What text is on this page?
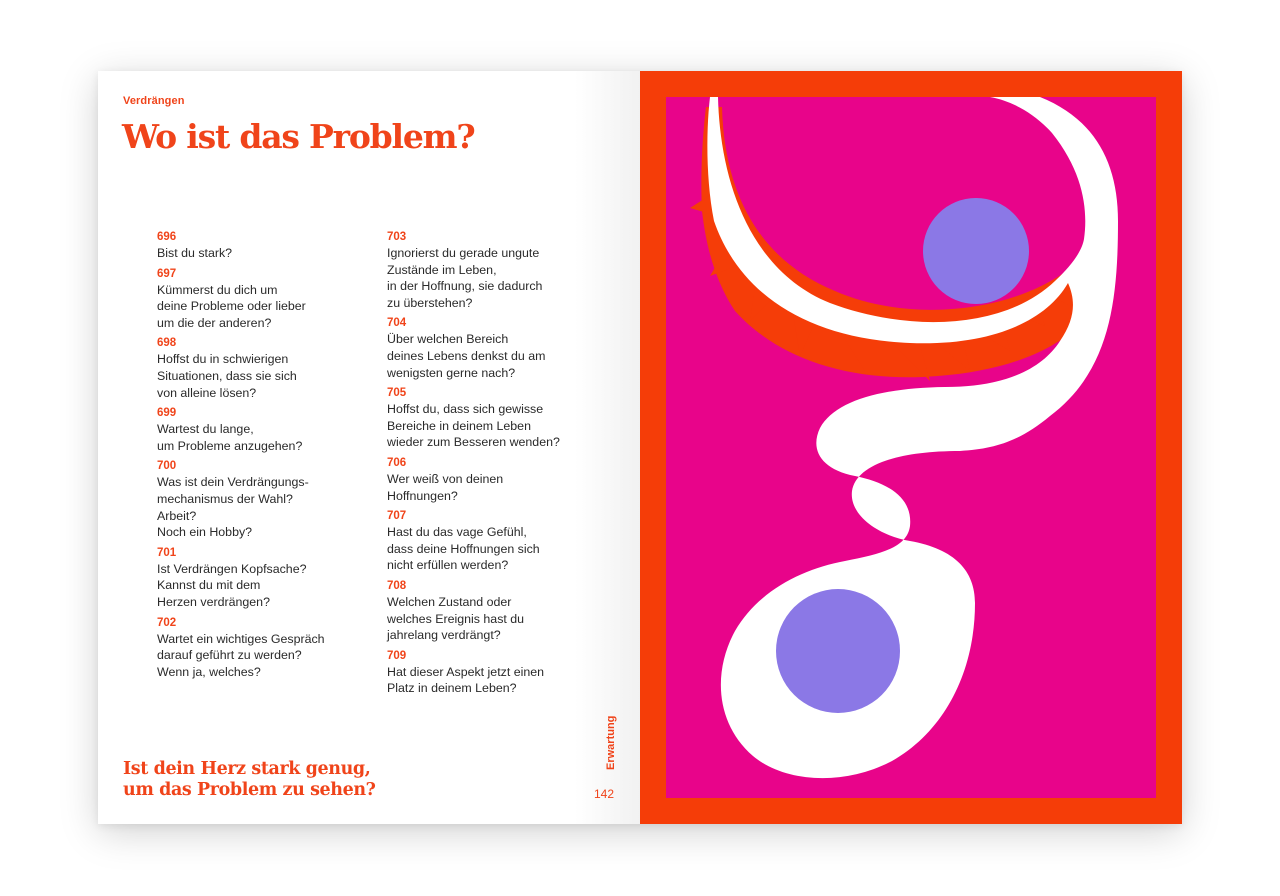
Verdrängen
Wo ist das Problem?
696
Bist du stark?
697
Kümmerst du dich um
deine Probleme oder lieber
um die der anderen?
698
Hoffst du in schwierigen
Situationen, dass sie sich
von alleine lösen?
699
Wartest du lange,
um Probleme anzugehen?
700
Was ist dein Verdrängungs-
mechanismus der Wahl?
Arbeit?
Noch ein Hobby?
701
Ist Verdrängen Kopfsache?
Kannst du mit dem
Herzen verdrängen?
702
Wartet ein wichtiges Gespräch
darauf geführt zu werden?
Wenn ja, welches?
703
Ignorierst du gerade ungute
Zustände im Leben,
in der Hoffnung, sie dadurch
zu überstehen?
704
Über welchen Bereich
deines Lebens denkst du am
wenigsten gerne nach?
705
Hoffst du, dass sich gewisse
Bereiche in deinem Leben
wieder zum Besseren wenden?
706
Wer weiß von deinen
Hoffnungen?
707
Hast du das vage Gefühl,
dass deine Hoffnungen sich
nicht erfüllen werden?
708
Welchen Zustand oder
welches Ereignis hast du
jahrelang verdrängt?
709
Hat dieser Aspekt jetzt einen
Platz in deinem Leben?
Ist dein Herz stark genug,
um das Problem zu sehen?
Erwartung
142
